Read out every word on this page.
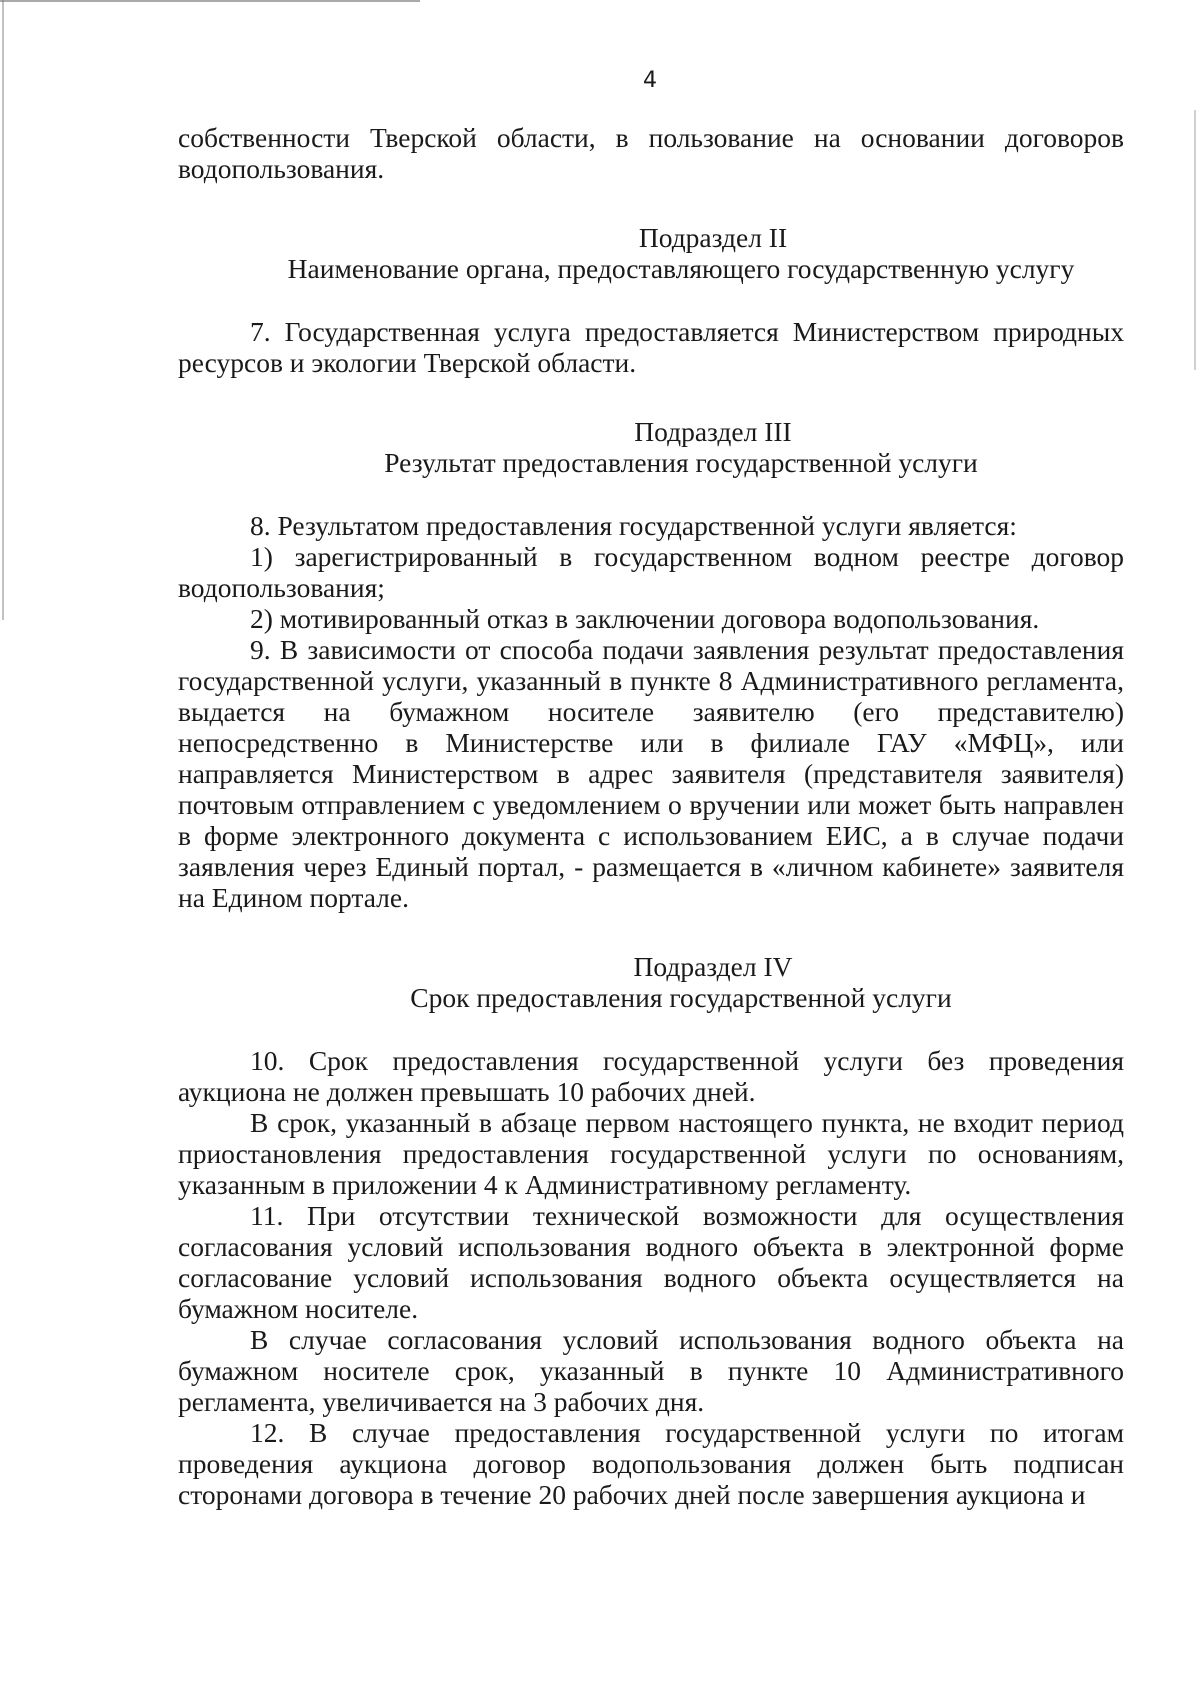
4

собственности Тверской области, в пользование на основании договоров водопользования.

Подраздел II
Наименование органа, предоставляющего государственную услугу

7. Государственная услуга предоставляется Министерством природных ресурсов и экологии Тверской области.

Подраздел III
Результат предоставления государственной услуги

8. Результатом предоставления государственной услуги является:

1) зарегистрированный в государственном водном реестре договор водопользования;

2) мотивированный отказ в заключении договора водопользования.

9. В зависимости от способа подачи заявления результат предоставления государственной услуги, указанный в пункте 8 Административного регламента, выдается на бумажном носителе заявителю (его представителю) непосредственно в Министерстве или в филиале ГАУ «МФЦ», или направляется Министерством в адрес заявителя (представителя заявителя) почтовым отправлением с уведомлением о вручении или может быть направлен в форме электронного документа с использованием ЕИС, а в случае подачи заявления через Единый портал, - размещается в «личном кабинете» заявителя на Едином портале.

Подраздел IV
Срок предоставления государственной услуги

10. Срок предоставления государственной услуги без проведения аукциона не должен превышать 10 рабочих дней.

В срок, указанный в абзаце первом настоящего пункта, не входит период приостановления предоставления государственной услуги по основаниям, указанным в приложении 4 к Административному регламенту.

11. При отсутствии технической возможности для осуществления согласования условий использования водного объекта в электронной форме согласование условий использования водного объекта осуществляется на бумажном носителе.

В случае согласования условий использования водного объекта на бумажном носителе срок, указанный в пункте 10 Административного регламента, увеличивается на 3 рабочих дня.

12. В случае предоставления государственной услуги по итогам проведения аукциона договор водопользования должен быть подписан сторонами договора в течение 20 рабочих дней после завершения аукциона и
